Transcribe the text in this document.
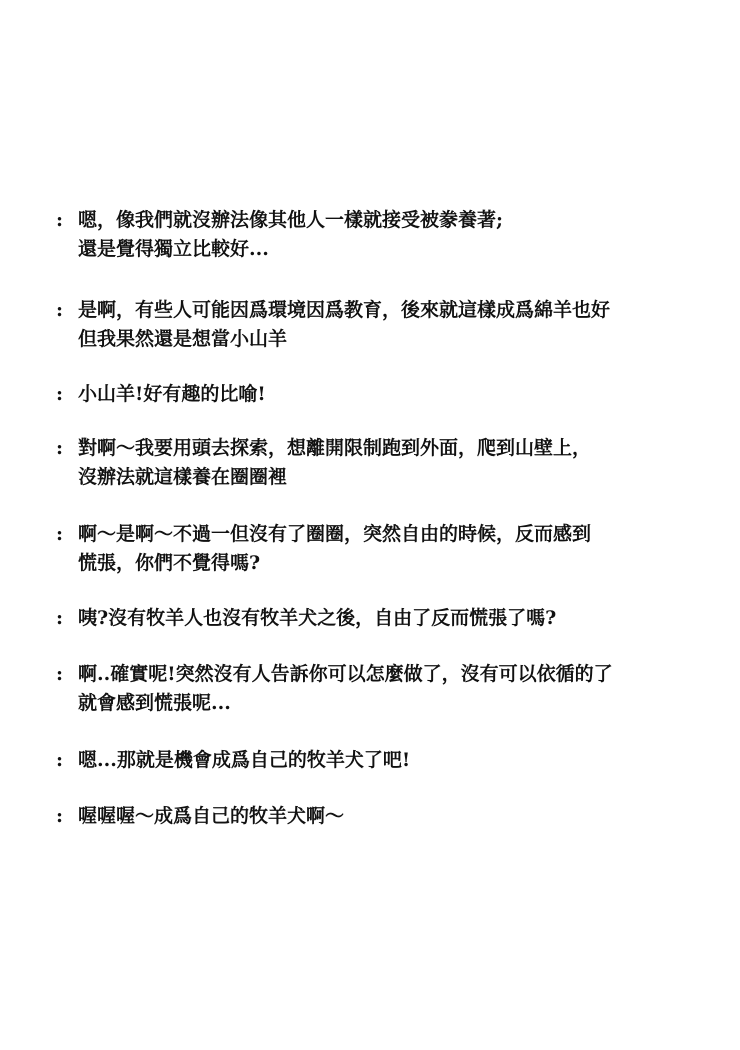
: 嗯，像我們就沒辦法像其他人一樣就接受被豢養著;
還是覺得獨立比較好...
: 是啊，有些人可能因爲環境因爲教育，後來就這樣成爲綿羊也好
但我果然還是想當小山羊
: 小山羊!好有趣的比喻!
: 對啊～我要用頭去探索，想離開限制跑到外面，爬到山壁上，
沒辦法就這樣養在圈圈裡
: 啊～是啊～不過一但沒有了圈圈，突然自由的時候，反而感到
慌張，你們不覺得嗎?
: 咦?沒有牧羊人也沒有牧羊犬之後，自由了反而慌張了嗎?
: 啊..確實呢!突然沒有人告訴你可以怎麼做了，沒有可以依循的了
就會感到慌張呢...
: 嗯...那就是機會成爲自己的牧羊犬了吧!
: 喔喔喔～成爲自己的牧羊犬啊～
